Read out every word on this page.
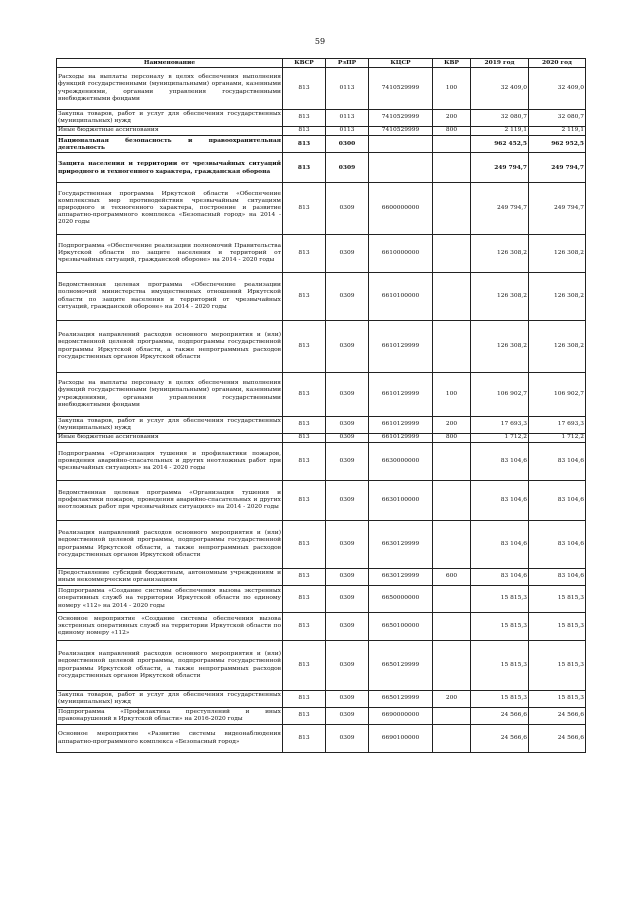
59
Наименование	КВСР	РзПР	КЦСР	КВР	2019 год	2020 год
Расходы на выплаты персоналу в целях обеспечения выполнения функций государственными (муниципальными) органами, казенными учреждениями, органами управления государственными внебюджетными фондами	813	0113	7410529999	100	32 409,0	32 409,0
Закупка товаров, работ и услуг для обеспечения государственных (муниципальных) нужд	813	0113	7410529999	200	32 080,7	32 080,7
Иные бюджетные ассигнования	813	0113	7410529999	800	2 119,1	2 119,1
Национальная безопасность и правоохранительная деятельность	813	0300			962 452,5	962 952,5
Защита населения и территории от чрезвычайных ситуаций природного и техногенного характера, гражданская оборона	813	0309			249 794,7	249 794,7
Государственная программа Иркутской области «Обеспечение комплексных мер противодействия чрезвычайным ситуациям природного и техногенного характера, построение и развитие аппаратно-программного комплекса «Безопасный город» на 2014 - 2020 годы	813	0309	6600000000		249 794,7	249 794,7
Подпрограмма «Обеспечение реализации полномочий Правительства Иркутской области по защите населения и территорий от чрезвычайных ситуаций, гражданской обороне» на 2014 - 2020 годы	813	0309	6610000000		126 308,2	126 308,2
Ведомственная целевая программа «Обеспечение реализации полномочий министерства имущественных отношений Иркутской области по защите населения и территорий от чрезвычайных ситуаций, гражданской обороне» на 2014 - 2020 годы	813	0309	6610100000		126 308,2	126 308,2
Реализация направлений расходов основного мероприятия и (или) ведомственной целевой программы, подпрограммы государственной программы Иркутской области, а также непрограммных расходов государственных органов Иркутской области	813	0309	6610129999		126 308,2	126 308,2
Расходы на выплаты персоналу в целях обеспечения выполнения функций государственными (муниципальными) органами, казенными учреждениями, органами управления государственными внебюджетными фондами	813	0309	6610129999	100	106 902,7	106 902,7
Закупка товаров, работ и услуг для обеспечения государственных (муниципальных) нужд	813	0309	6610129999	200	17 693,3	17 693,3
Иные бюджетные ассигнования	813	0309	6610129999	800	1 712,2	1 712,2
Подпрограмма «Организация тушения и профилактики пожаров, проведения аварийно-спасательных и других неотложных работ при чрезвычайных ситуациях» на 2014 - 2020 годы	813	0309	6630000000		83 104,6	83 104,6
Ведомственная целевая программа «Организация тушения и профилактики пожаров, проведения аварийно-спасательных и других неотложных работ при чрезвычайных ситуациях» на 2014 - 2020 годы	813	0309	6630100000		83 104,6	83 104,6
Реализация направлений расходов основного мероприятия и (или) ведомственной целевой программы, подпрограммы государственной программы Иркутской области, а также непрограммных расходов государственных органов Иркутской области	813	0309	6630129999		83 104,6	83 104,6
Предоставление субсидий бюджетным, автономным учреждениям и иным некоммерческим организациям	813	0309	6630129999	600	83 104,6	83 104,6
Подпрограмма «Создание системы обеспечения вызова экстренных оперативных служб на территории Иркутской области по единому номеру «112» на 2014 - 2020 годы	813	0309	6650000000		15 815,3	15 815,3
Основное мероприятие «Создание системы обеспечения вызова экстренных оперативных служб на территории Иркутской области по единому номеру «112»	813	0309	6650100000		15 815,3	15 815,3
Реализация направлений расходов основного мероприятия и (или) ведомственной целевой программы, подпрограммы государственной программы Иркутской области, а также непрограммных расходов государственных органов Иркутской области	813	0309	6650129999		15 815,3	15 815,3
Закупка товаров, работ и услуг для обеспечения государственных (муниципальных) нужд	813	0309	6650129999	200	15 815,3	15 815,3
Подпрограмма «Профилактика преступлений и иных правонарушений в Иркутской области» на 2016-2020 годы	813	0309	6690000000		24 566,6	24 566,6
Основное мероприятие «Развитие системы видеонаблюдения аппаратно-программного комплекса «Безопасный город»	813	0309	6690100000		24 566,6	24 566,6
